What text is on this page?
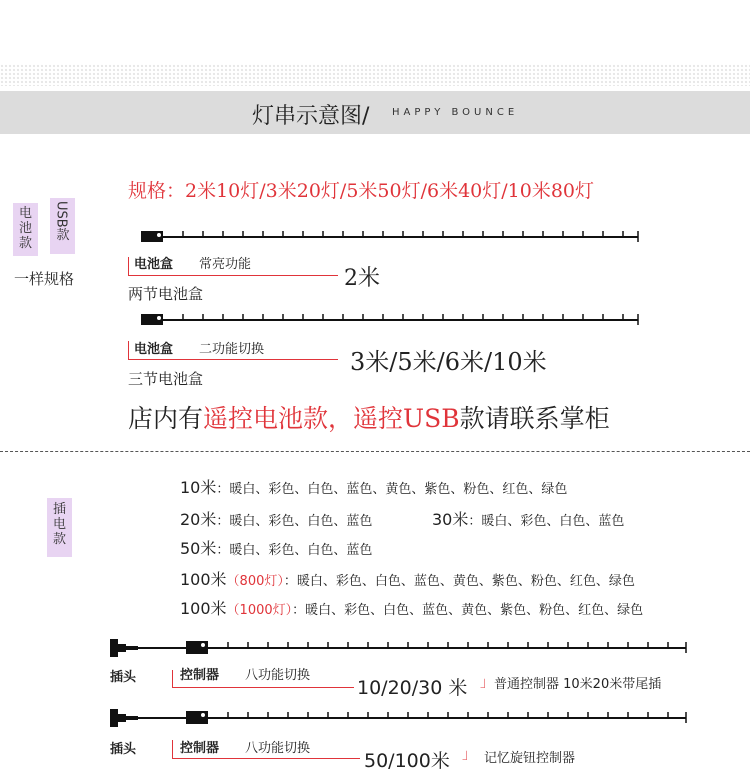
灯串示意图/ HAPPY BOUNCE
规格：2米10灯/3米20灯/5米50灯/6米40灯/10米80灯
电池款
USB款
一样规格
电池盒 常亮功能
2米
两节电池盒
电池盒 二功能切换	3米/5米/6米/10米
三节电池盒
店内有遥控电池款，遥控USB款请联系掌柜
插电款
10米：暖白、彩色、白色、蓝色、黄色、紫色、粉色、红色、绿色
20米：暖白、彩色、白色、蓝色	30米：暖白、彩色、白色、蓝色
50米：暖白、彩色、白色、蓝色
100米（800灯）：暖白、彩色、白色、蓝色、黄色、紫色、粉色、红色、绿色
100米（1000灯）：暖白、彩色、白色、蓝色、黄色、紫色、粉色、红色、绿色
插头	控制器 八功能切换
10/20/30 米 」 普通控制器 10米20米带尾插
插头	控制器 八功能切换
50/100米 」 记忆旋钮控制器
